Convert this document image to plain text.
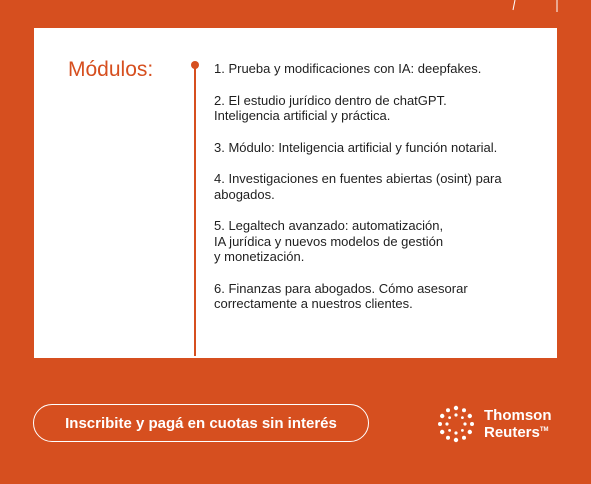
Módulos:	1. Prueba y modificaciones con IA: deepfakes.

2. El estudio jurídico dentro de chatGPT.
Inteligencia artificial y práctica.

3. Módulo: Inteligencia artificial y función notarial.

4. Investigaciones en fuentes abiertas (osint) para
abogados.

5. Legaltech avanzado: automatización,
IA jurídica y nuevos modelos de gestión
y monetización.

6. Finanzas para abogados. Cómo asesorar
correctamente a nuestros clientes.

Inscribite y pagá en cuotas sin interés	Thomson
Reuters™
